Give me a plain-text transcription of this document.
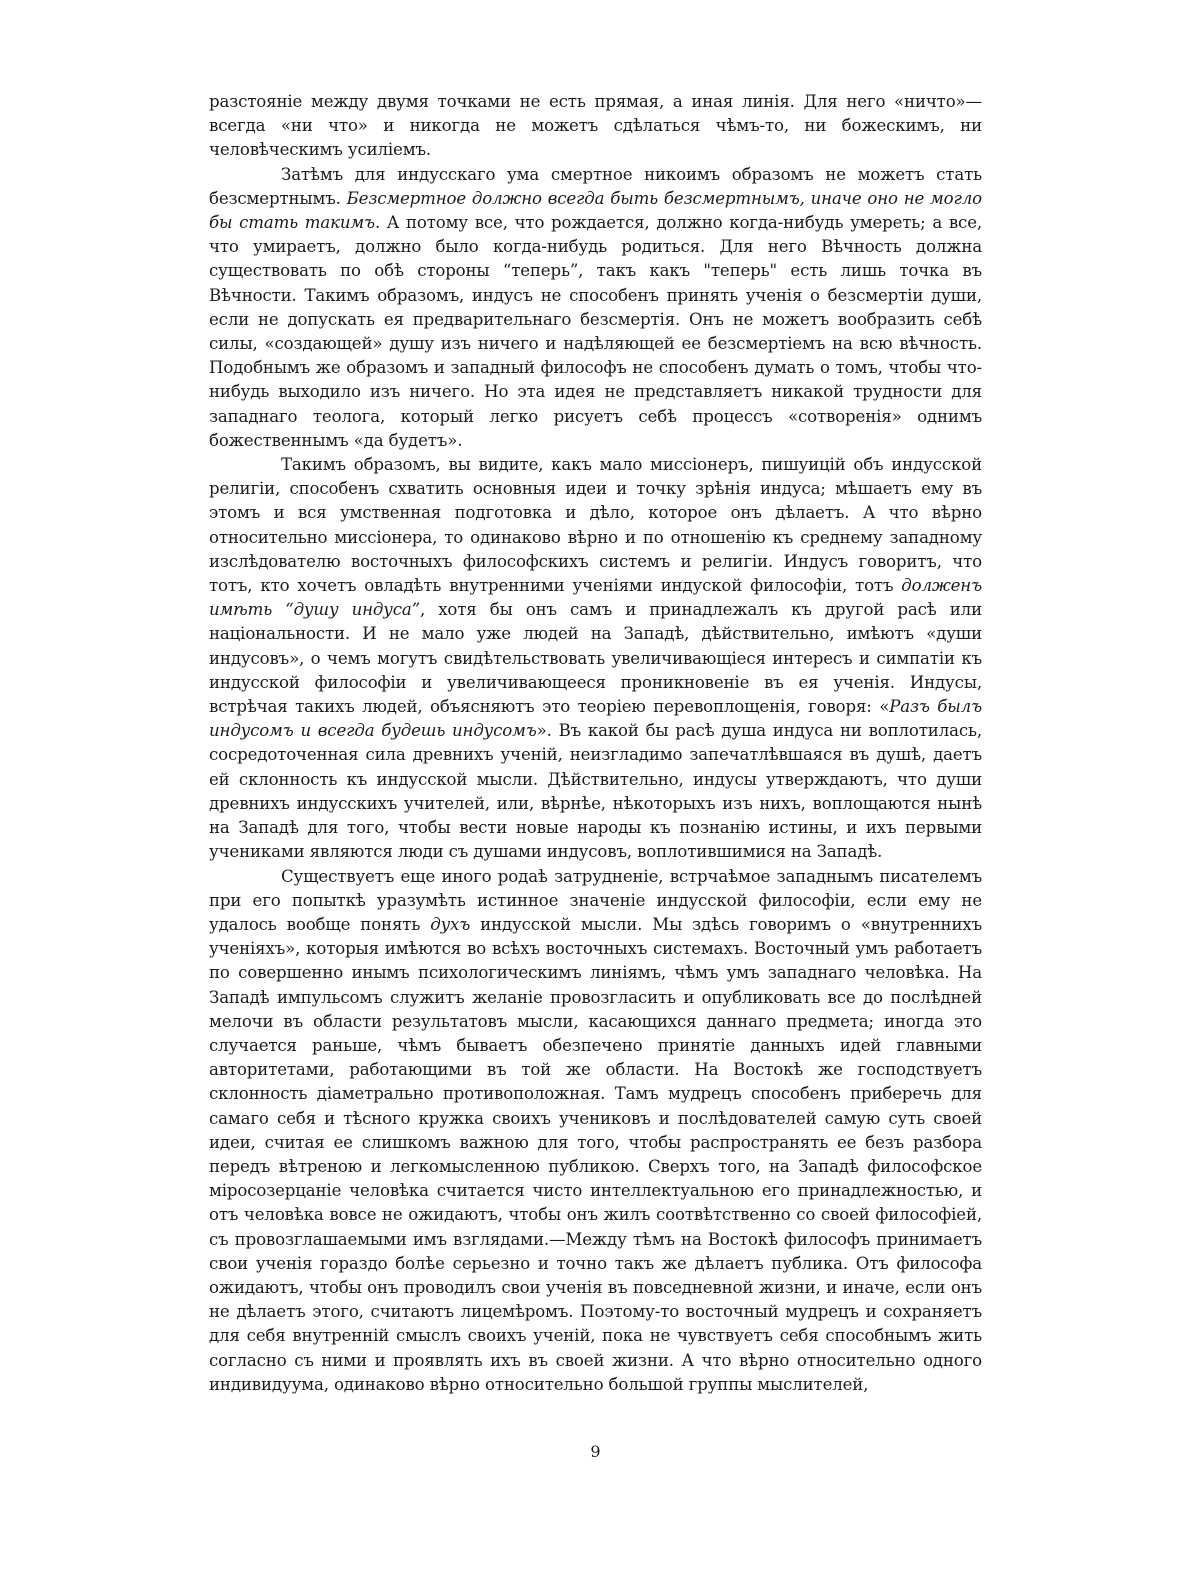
разстояніе между двумя точками не есть прямая, а иная линія. Для него «ничто»—всегда «ни что» и никогда не можетъ сдѣлаться чѣмъ-то, ни божескимъ, ни человѣческимъ усиліемъ.

Затѣмъ для индусскаго ума смертное никоимъ образомъ не можетъ стать безсмертнымъ. Безсмертное должно всегда быть безсмертнымъ, иначе оно не могло бы стать такимъ. А потому все, что рождается, должно когда-нибудь умереть; а все, что умираетъ, должно было когда-нибудь родиться. Для него Вѣчность должна существовать по обѣ стороны “теперь”, такъ какъ "теперь" есть лишь точка въ Вѣчности. Такимъ образомъ, индусъ не способенъ принять ученія о безсмертіи души, если не допускать ея предварительнаго безсмертія. Онъ не можетъ вообразить себѣ силы, «создающей» душу изъ ничего и надѣляющей ее безсмертіемъ на всю вѣчность. Подобнымъ же образомъ и западный философъ не способенъ думать о томъ, чтобы что-нибудь выходило изъ ничего. Но эта идея не представляетъ никакой трудности для западнаго теолога, который легко рисуетъ себѣ процессъ «сотворенія» однимъ божественнымъ «да будетъ».

Такимъ образомъ, вы видите, какъ мало миссіонеръ, пишуицій объ индусской религіи, способенъ схватить основныя идеи и точку зрѣнія индуса; мѣшаетъ ему въ этомъ и вся умственная подготовка и дѣло, которое онъ дѣлаетъ. А что вѣрно относительно миссіонера, то одинаково вѣрно и по отношенію къ среднему западному изслѣдователю восточныхъ философскихъ системъ и религіи. Индусъ говоритъ, что тотъ, кто хочетъ овладѣть внутренними ученіями индуской философіи, тотъ долженъ имѣть “душу индуса”, хотя бы онъ самъ и принадлежалъ къ другой расѣ или національности. И не мало уже людей на Западѣ, дѣйствительно, имѣютъ «души индусовъ», о чемъ могутъ свидѣтельствовать увеличивающіеся интересъ и симпатіи къ индусской философіи и увеличивающееся проникновеніе въ ея ученія. Индусы, встрѣчая такихъ людей, объясняютъ это теоріею перевоплощенія, говоря: «Разъ былъ индусомъ и всегда будешь индусомъ». Въ какой бы расѣ душа индуса ни воплотилась, сосредоточенная сила древнихъ ученій, неизгладимо запечатлѣвшаяся въ душѣ, даетъ ей склонность къ индусской мысли. Дѣйствительно, индусы утверждаютъ, что души древнихъ индусскихъ учителей, или, вѣрнѣе, нѣкоторыхъ изъ нихъ, воплощаются нынѣ на Западѣ для того, чтобы вести новые народы къ познанію истины, и ихъ первыми учениками являются люди съ душами индусовъ, воплотившимися на Западѣ.

Существуетъ еще иного родаѣ затрудненіе, встрчаѣмое западнымъ писателемъ при его попыткѣ уразумѣть истинное значеніе индусской философіи, если ему не удалось вообще понять духъ индусской мысли. Мы здѣсь говоримъ о «внутреннихъ ученіяхъ», которыя имѣются во всѣхъ восточныхъ системахъ. Восточный умъ работаетъ по совершенно инымъ психологическимъ линіямъ, чѣмъ умъ западнаго человѣка. На Западѣ импульсомъ служитъ желаніе провозгласить и опубликовать все до послѣдней мелочи въ области результатовъ мысли, касающихся даннаго предмета; иногда это случается раньше, чѣмъ бываетъ обезпечено принятіе данныхъ идей главными авторитетами, работающими въ той же области. На Востокѣ же господствуетъ склонность діаметрально противоположная. Тамъ мудрецъ способенъ приберечь для самаго себя и тѣсного кружка своихъ учениковъ и послѣдователей самую суть своей идеи, считая ее слишкомъ важною для того, чтобы распространять ее безъ разбора передъ вѣтреною и легкомысленною публикою. Сверхъ того, на Западѣ философское міросозерцаніе человѣка считается чисто интеллектуальною его принадлежностью, и отъ человѣка вовсе не ожидаютъ, чтобы онъ жилъ соотвѣтственно со своей философіей, съ провозглашаемыми имъ взглядами.—Между тѣмъ на Востокѣ философъ принимаетъ свои ученія гораздо болѣе серьезно и точно такъ же дѣлаетъ публика. Отъ философа ожидаютъ, чтобы онъ проводилъ свои ученія въ повседневной жизни, и иначе, если онъ не дѣлаетъ этого, считаютъ лицемѣромъ. Поэтому-то восточный мудрецъ и сохраняетъ для себя внутренній смыслъ своихъ ученій, пока не чувствуетъ себя способнымъ жить согласно съ ними и проявлять ихъ въ своей жизни. А что вѣрно относительно одного индивидуума, одинаково вѣрно относительно большой группы мыслителей,

9
